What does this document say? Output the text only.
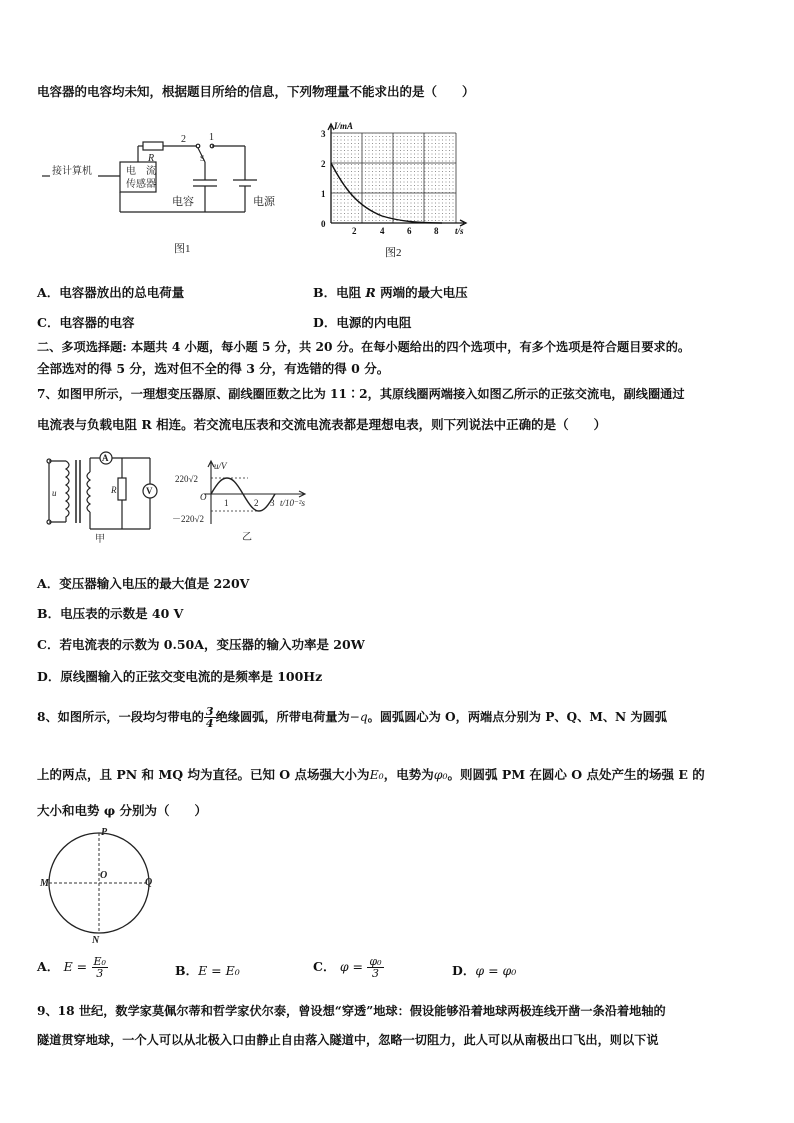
电容器的电容均未知，根据题目所给的信息，下列物理量不能求出的是（　　）
接计算机	电　流
传感器
R
2 1
S
电容	电源
图1
I/mA
0
1
2
3
2	4	6	8 t/s
图2
A．电容器放出的总电荷量	B．电阻 R 两端的最大电压
C．电容器的电容	D．电源的内电阻
二、多项选择题: 本题共 4 小题，每小题 5 分，共 20 分。在每小题给出的四个选项中，有多个选项是符合题目要求的。
全部选对的得 5 分，选对但不全的得 3 分，有选错的得 0 分。
7、如图甲所示，一理想变压器原、副线圈匝数之比为 11∶2，其原线圈两端接入如图乙所示的正弦交流电，副线圈通过
电流表与负载电阻 R 相连。若交流电压表和交流电流表都是理想电表，则下列说法中正确的是（　　）
A
V
R
u
甲
u/V
220√2
－220√2
O
1	2 3 t/10⁻²s
乙
A．变压器输入电压的最大值是 220V
B．电压表的示数是 40 V
C．若电流表的示数为 0.50A，变压器的输入功率是 20W
D．原线圈输入的正弦交变电流的是频率是 100Hz
8、如图所示，一段均匀带电的 $\frac{3}{4}$ 绝缘圆弧，所带电荷量为−q。圆弧圆心为 O，两端点分别为 P、Q、M、N 为圆弧
上的两点，且 PN 和 MQ 均为直径。已知 O 点场强大小为E₀，电势为φ₀。则圆弧 PM 在圆心 O 点处产生的场强 E 的
大小和电势 φ 分别为（　　）
P
Q
M
N
O
A． $E = \frac{\text{E₀}}{3}$	B．E = E₀	C． $\varphi = \frac{\text{φ₀}}{3}$	D．φ = φ₀
9、18 世纪，数学家莫佩尔蒂和哲学家伏尔泰，曾设想“穿透”地球：假设能够沿着地球两极连线开凿一条沿着地轴的
隧道贯穿地球，一个人可以从北极入口由静止自由落入隧道中，忽略一切阻力，此人可以从南极出口飞出，则以下说
